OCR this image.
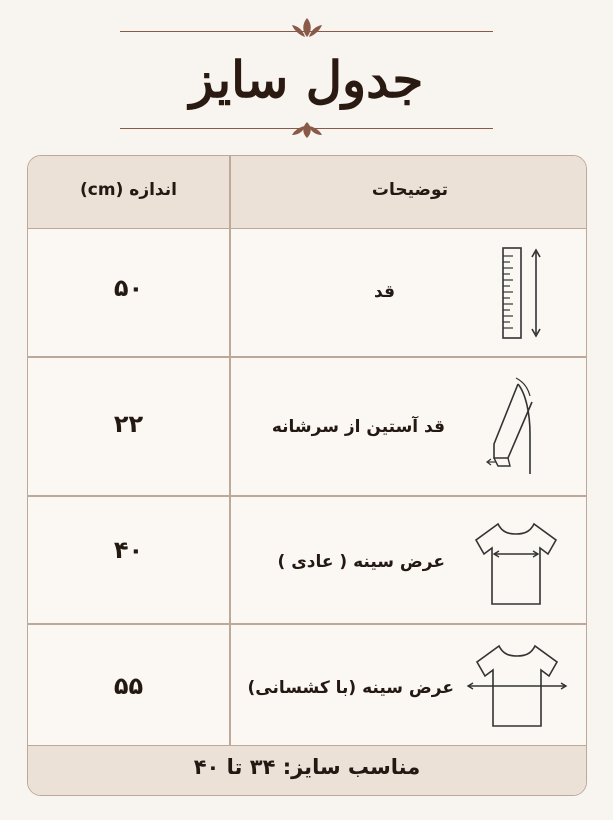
جدول سایز
توضیحات
اندازه (cm)
قد
۵۰
قد آستین از سرشانه
۲۲
عرض سینه ( عادی )
۴۰
عرض سینه (با کشسانی)
۵۵
مناسب سایز: ۳۴ تا ۴۰
